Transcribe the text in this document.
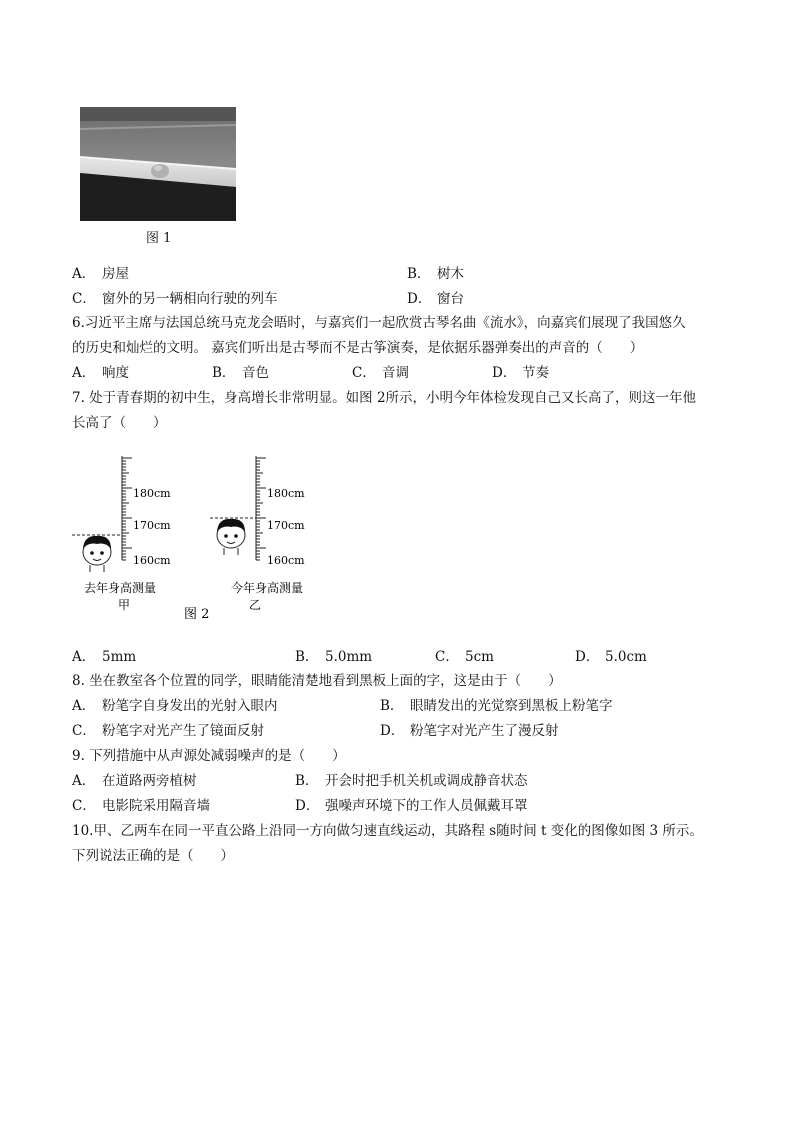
图 1
A． 房屋	B． 树木
C． 窗外的另一辆相向行驶的列车	D． 窗台
6.习近平主席与法国总统马克龙会晤时，与嘉宾们一起欣赏古琴名曲《流水》，向嘉宾们展现了我国悠久
的历史和灿烂的文明。 嘉宾们听出是古琴而不是古筝演奏，是依据乐器弹奏出的声音的（　　）
A． 响度	B． 音色	C． 音调	D． 节奏
7. 处于青春期的初中生，身高增长非常明显。如图 2所示，小明今年体检发现自己又长高了，则这一年他
长高了（　　）
180cm
170cm
160cm
180cm
170cm
160cm
去年身高测量
甲
图 2
今年身高测量
乙
A． 5mm	B． 5.0mm	C． 5cm	D． 5.0cm
8. 坐在教室各个位置的同学，眼睛能清楚地看到黑板上面的字，这是由于（　　）
A． 粉笔字自身发出的光射入眼内	B． 眼睛发出的光觉察到黑板上粉笔字
C． 粉笔字对光产生了镜面反射	D． 粉笔字对光产生了漫反射
9. 下列措施中从声源处减弱噪声的是（　　）
A． 在道路两旁植树	B． 开会时把手机关机或调成静音状态
C． 电影院采用隔音墙	D． 强噪声环境下的工作人员佩戴耳罩
10.甲、乙两车在同一平直公路上沿同一方向做匀速直线运动，其路程 s随时间 t 变化的图像如图 3 所示。
下列说法正确的是（　　）
